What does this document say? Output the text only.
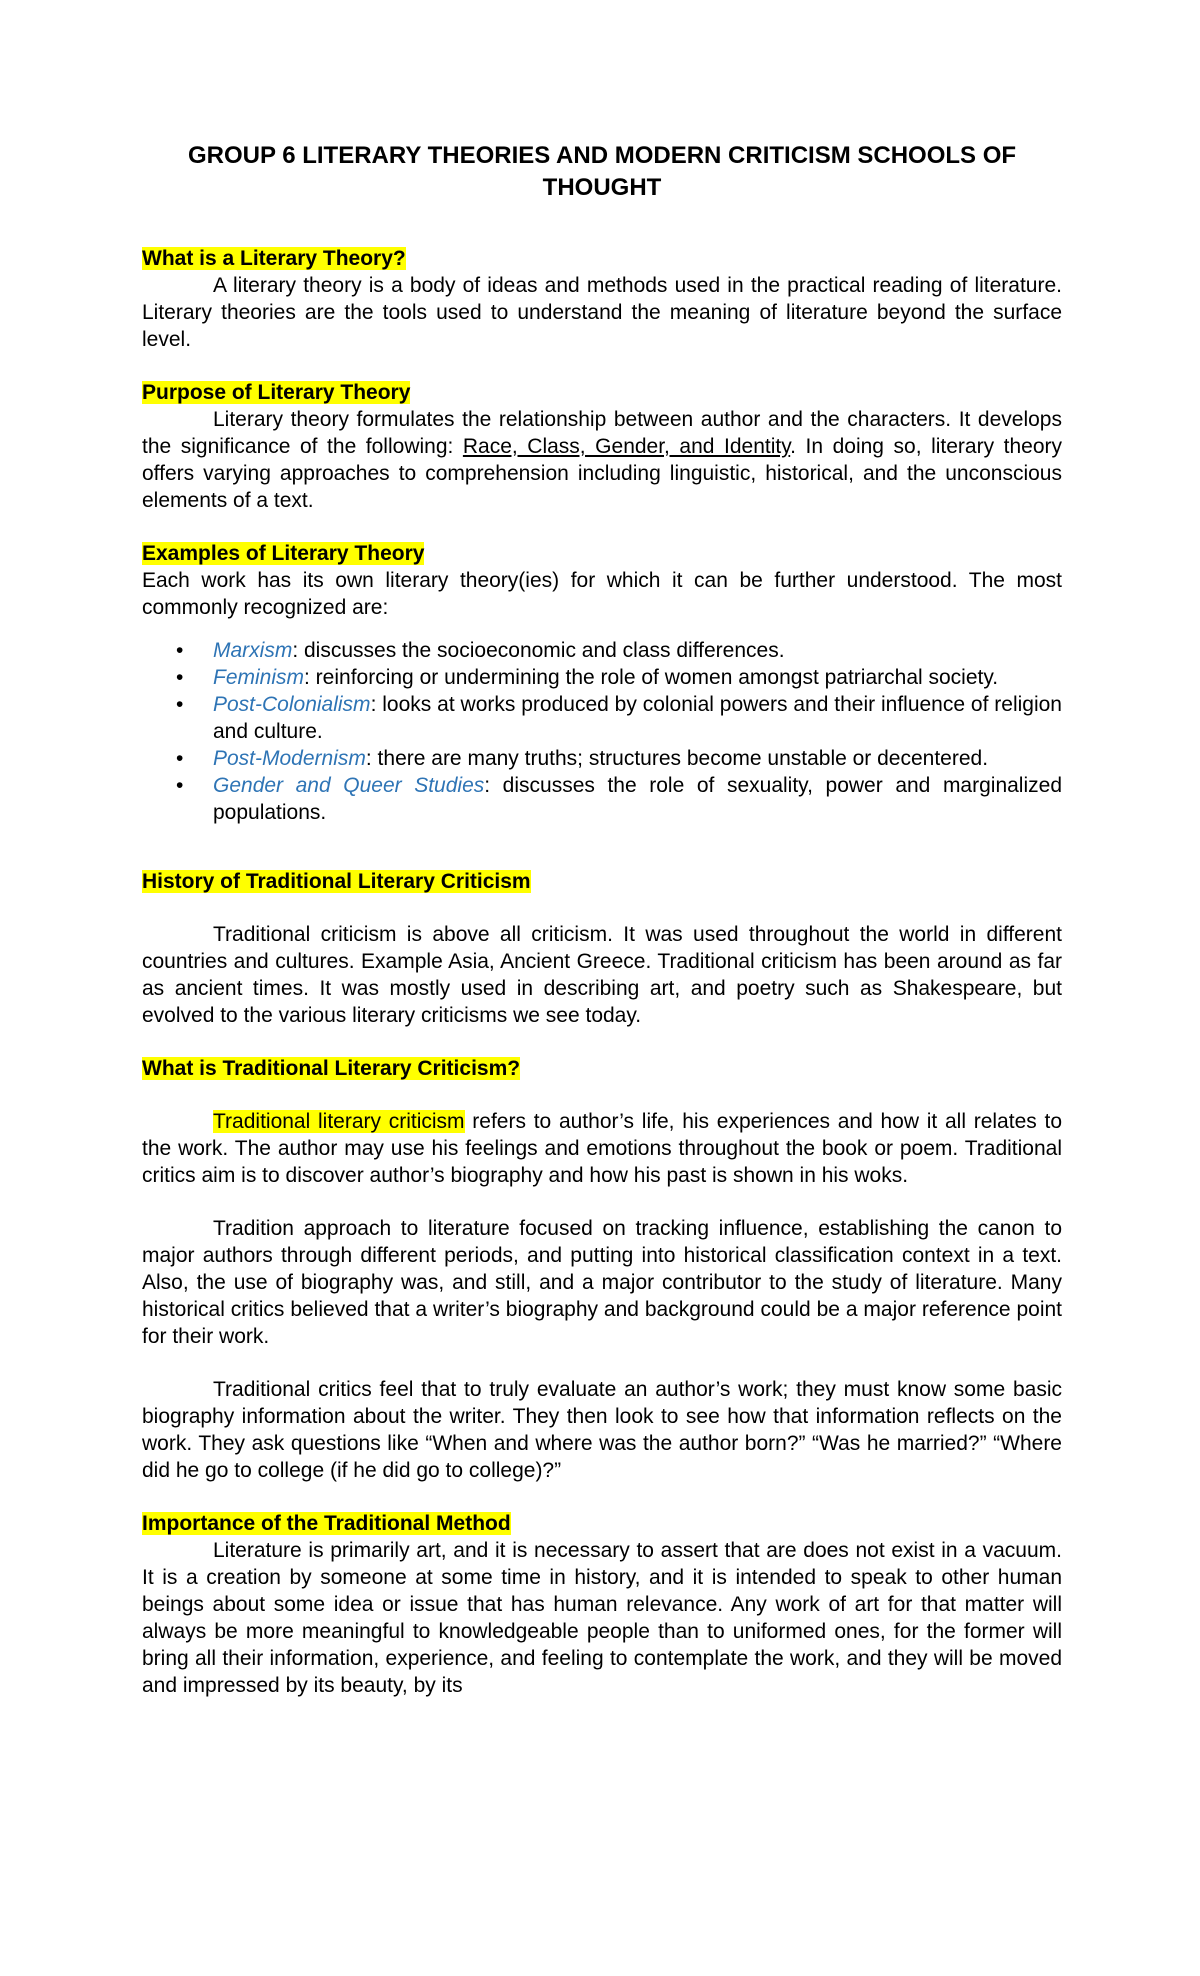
GROUP 6 LITERARY THEORIES AND MODERN CRITICISM SCHOOLS OF THOUGHT
What is a Literary Theory?

A literary theory is a body of ideas and methods used in the practical reading of literature. Literary theories are the tools used to understand the meaning of literature beyond the surface level.

Purpose of Literary Theory

Literary theory formulates the relationship between author and the characters. It develops the significance of the following: Race, Class, Gender, and Identity. In doing so, literary theory offers varying approaches to comprehension including linguistic, historical, and the unconscious elements of a text.

Examples of Literary Theory

Each work has its own literary theory(ies) for which it can be further understood. The most commonly recognized are:

• Marxism: discusses the socioeconomic and class differences.
• Feminism: reinforcing or undermining the role of women amongst patriarchal society.
• Post-Colonialism: looks at works produced by colonial powers and their influence of religion and culture.
• Post-Modernism: there are many truths; structures become unstable or decentered.
• Gender and Queer Studies: discusses the role of sexuality, power and marginalized populations.
History of Traditional Literary Criticism

Traditional criticism is above all criticism. It was used throughout the world in different countries and cultures. Example Asia, Ancient Greece. Traditional criticism has been around as far as ancient times. It was mostly used in describing art, and poetry such as Shakespeare, but evolved to the various literary criticisms we see today.

What is Traditional Literary Criticism?

Traditional literary criticism refers to author’s life, his experiences and how it all relates to the work. The author may use his feelings and emotions throughout the book or poem. Traditional critics aim is to discover author’s biography and how his past is shown in his woks.

Tradition approach to literature focused on tracking influence, establishing the canon to major authors through different periods, and putting into historical classification context in a text. Also, the use of biography was, and still, and a major contributor to the study of literature. Many historical critics believed that a writer’s biography and background could be a major reference point for their work.

Traditional critics feel that to truly evaluate an author’s work; they must know some basic biography information about the writer. They then look to see how that information reflects on the work. They ask questions like “When and where was the author born?” “Was he married?” “Where did he go to college (if he did go to college)?”

Importance of the Traditional Method

Literature is primarily art, and it is necessary to assert that are does not exist in a vacuum. It is a creation by someone at some time in history, and it is intended to speak to other human beings about some idea or issue that has human relevance. Any work of art for that matter will always be more meaningful to knowledgeable people than to uniformed ones, for the former will bring all their information, experience, and feeling to contemplate the work, and they will be moved and impressed by its beauty, by its
